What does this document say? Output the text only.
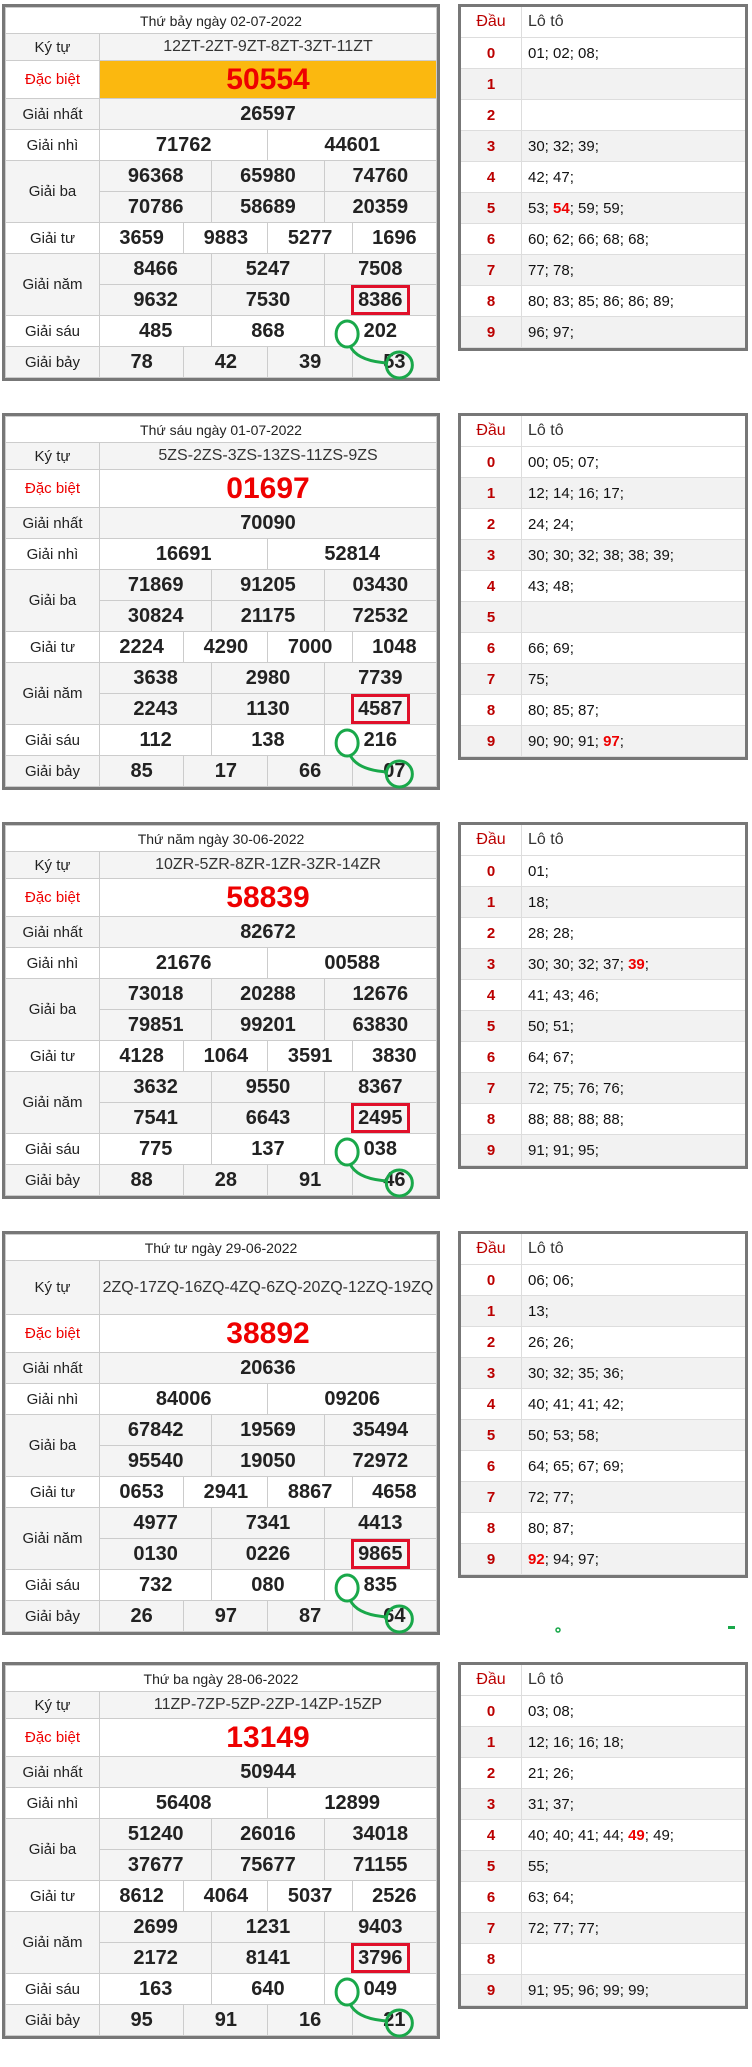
Thứ bảy ngày 02-07-2022						
Ký tự	12ZT-2ZT-9ZT-8ZT-3ZT-11ZT					
Đặc biệt	50554					
Giải nhất	26597					
Giải nhì	71762			44601		
Giải ba	96368		65980		74760	
	70786		58689		20359	
Giải tư	3659	9883		5277		1696
Giải năm	8466		5247		7508	
	9632		7530		8386	
Giải sáu	485		868		202	
Giải bảy	78	42		39		53
Đầu	Lô tô
0	01; 02; 08;
1	
2	
3	30; 32; 39;
4	42; 47;
5	53; 54; 59; 59;
6	60; 62; 66; 68; 68;
7	77; 78;
8	80; 83; 85; 86; 86; 89;
9	96; 97;
Thứ sáu ngày 01-07-2022						
Ký tự	5ZS-2ZS-3ZS-13ZS-11ZS-9ZS					
Đặc biệt	01697					
Giải nhất	70090					
Giải nhì	16691			52814		
Giải ba	71869		91205		03430	
	30824		21175		72532	
Giải tư	2224	4290		7000		1048
Giải năm	3638		2980		7739	
	2243		1130		4587	
Giải sáu	112		138		216	
Giải bảy	85	17		66		07
Đầu	Lô tô
0	00; 05; 07;
1	12; 14; 16; 17;
2	24; 24;
3	30; 30; 32; 38; 38; 39;
4	43; 48;
5	
6	66; 69;
7	75;
8	80; 85; 87;
9	90; 90; 91; 97;
Thứ năm ngày 30-06-2022						
Ký tự	10ZR-5ZR-8ZR-1ZR-3ZR-14ZR					
Đặc biệt	58839					
Giải nhất	82672					
Giải nhì	21676			00588		
Giải ba	73018		20288		12676	
	79851		99201		63830	
Giải tư	4128	1064		3591		3830
Giải năm	3632		9550		8367	
	7541		6643		2495	
Giải sáu	775		137		038	
Giải bảy	88	28		91		46
Đầu	Lô tô
0	01;
1	18;
2	28; 28;
3	30; 30; 32; 37; 39;
4	41; 43; 46;
5	50; 51;
6	64; 67;
7	72; 75; 76; 76;
8	88; 88; 88; 88;
9	91; 91; 95;
Thứ tư ngày 29-06-2022						
Ký tự	2ZQ-17ZQ-16ZQ-4ZQ-6ZQ-20ZQ-12ZQ-19ZQ					
Đặc biệt	38892					
Giải nhất	20636					
Giải nhì	84006			09206		
Giải ba	67842		19569		35494	
	95540		19050		72972	
Giải tư	0653	2941		8867		4658
Giải năm	4977		7341		4413	
	0130		0226		9865	
Giải sáu	732		080		835	
Giải bảy	26	97		87		64
Đầu	Lô tô
0	06; 06;
1	13;
2	26; 26;
3	30; 32; 35; 36;
4	40; 41; 41; 42;
5	50; 53; 58;
6	64; 65; 67; 69;
7	72; 77;
8	80; 87;
9	92; 94; 97;
Thứ ba ngày 28-06-2022						
Ký tự	11ZP-7ZP-5ZP-2ZP-14ZP-15ZP					
Đặc biệt	13149					
Giải nhất	50944					
Giải nhì	56408			12899		
Giải ba	51240		26016		34018	
	37677		75677		71155	
Giải tư	8612	4064		5037		2526
Giải năm	2699		1231		9403	
	2172		8141		3796	
Giải sáu	163		640		049	
Giải bảy	95	91		16		21
Đầu	Lô tô
0	03; 08;
1	12; 16; 16; 18;
2	21; 26;
3	31; 37;
4	40; 40; 41; 44; 49; 49;
5	55;
6	63; 64;
7	72; 77; 77;
8	
9	91; 95; 96; 99; 99;
